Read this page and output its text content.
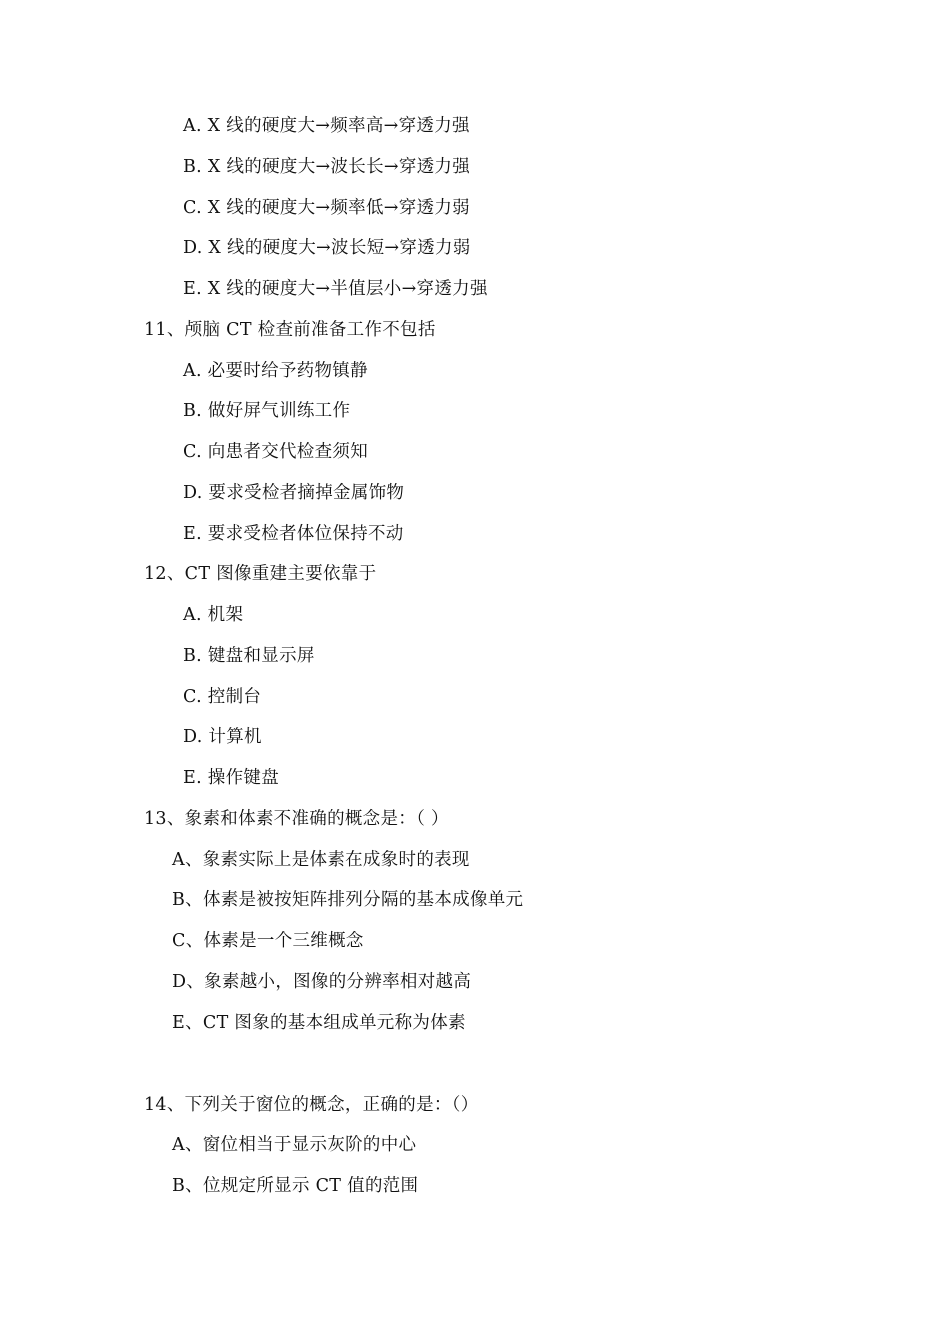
A. X 线的硬度大→频率高→穿透力强
B. X 线的硬度大→波长长→穿透力强
C. X 线的硬度大→频率低→穿透力弱
D. X 线的硬度大→波长短→穿透力弱
E. X 线的硬度大→半值层小→穿透力强
11、颅脑 CT 检查前准备工作不包括
A. 必要时给予药物镇静
B. 做好屏气训练工作
C. 向患者交代检查须知
D. 要求受检者摘掉金属饰物
E. 要求受检者体位保持不动
12、CT 图像重建主要依靠于
A. 机架
B. 键盘和显示屏
C. 控制台
D. 计算机
E. 操作键盘
13、象素和体素不准确的概念是：（ ）
A、象素实际上是体素在成象时的表现
B、体素是被按矩阵排列分隔的基本成像单元
C、体素是一个三维概念
D、象素越小，图像的分辨率相对越高
E、CT 图象的基本组成单元称为体素
14、下列关于窗位的概念，正确的是：（）
A、窗位相当于显示灰阶的中心
B、位规定所显示 CT 值的范围
